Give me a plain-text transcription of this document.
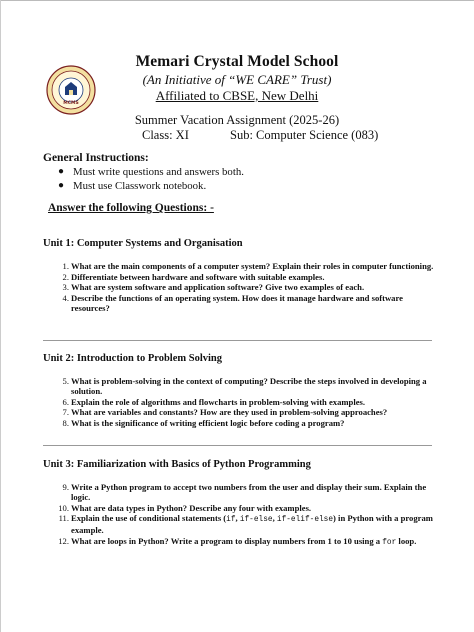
MCMS
Memari Crystal Model School
(An Initiative of “WE CARE” Trust)
Affiliated to CBSE, New Delhi
Summer Vacation Assignment (2025-26)
Class: XI	Sub: Computer Science (083)
General Instructions:
● Must write questions and answers both.
● Must use Classwork notebook.
Answer the following Questions: -
Unit 1: Computer Systems and Organisation
1. What are the main components of a computer system? Explain their roles in computer functioning.
2. Differentiate between hardware and software with suitable examples.
3. What are system software and application software? Give two examples of each.
4. Describe the functions of an operating system. How does it manage hardware and software resources?
Unit 2: Introduction to Problem Solving
5. What is problem-solving in the context of computing? Describe the steps involved in developing a solution.
6. Explain the role of algorithms and flowcharts in problem-solving with examples.
7. What are variables and constants? How are they used in problem-solving approaches?
8. What is the significance of writing efficient logic before coding a program?
Unit 3: Familiarization with Basics of Python Programming
9. Write a Python program to accept two numbers from the user and display their sum. Explain the logic.
10. What are data types in Python? Describe any four with examples.
11. Explain the use of conditional statements (if, if-else, if-elif-else) in Python with a program example.
12. What are loops in Python? Write a program to display numbers from 1 to 10 using a for loop.
